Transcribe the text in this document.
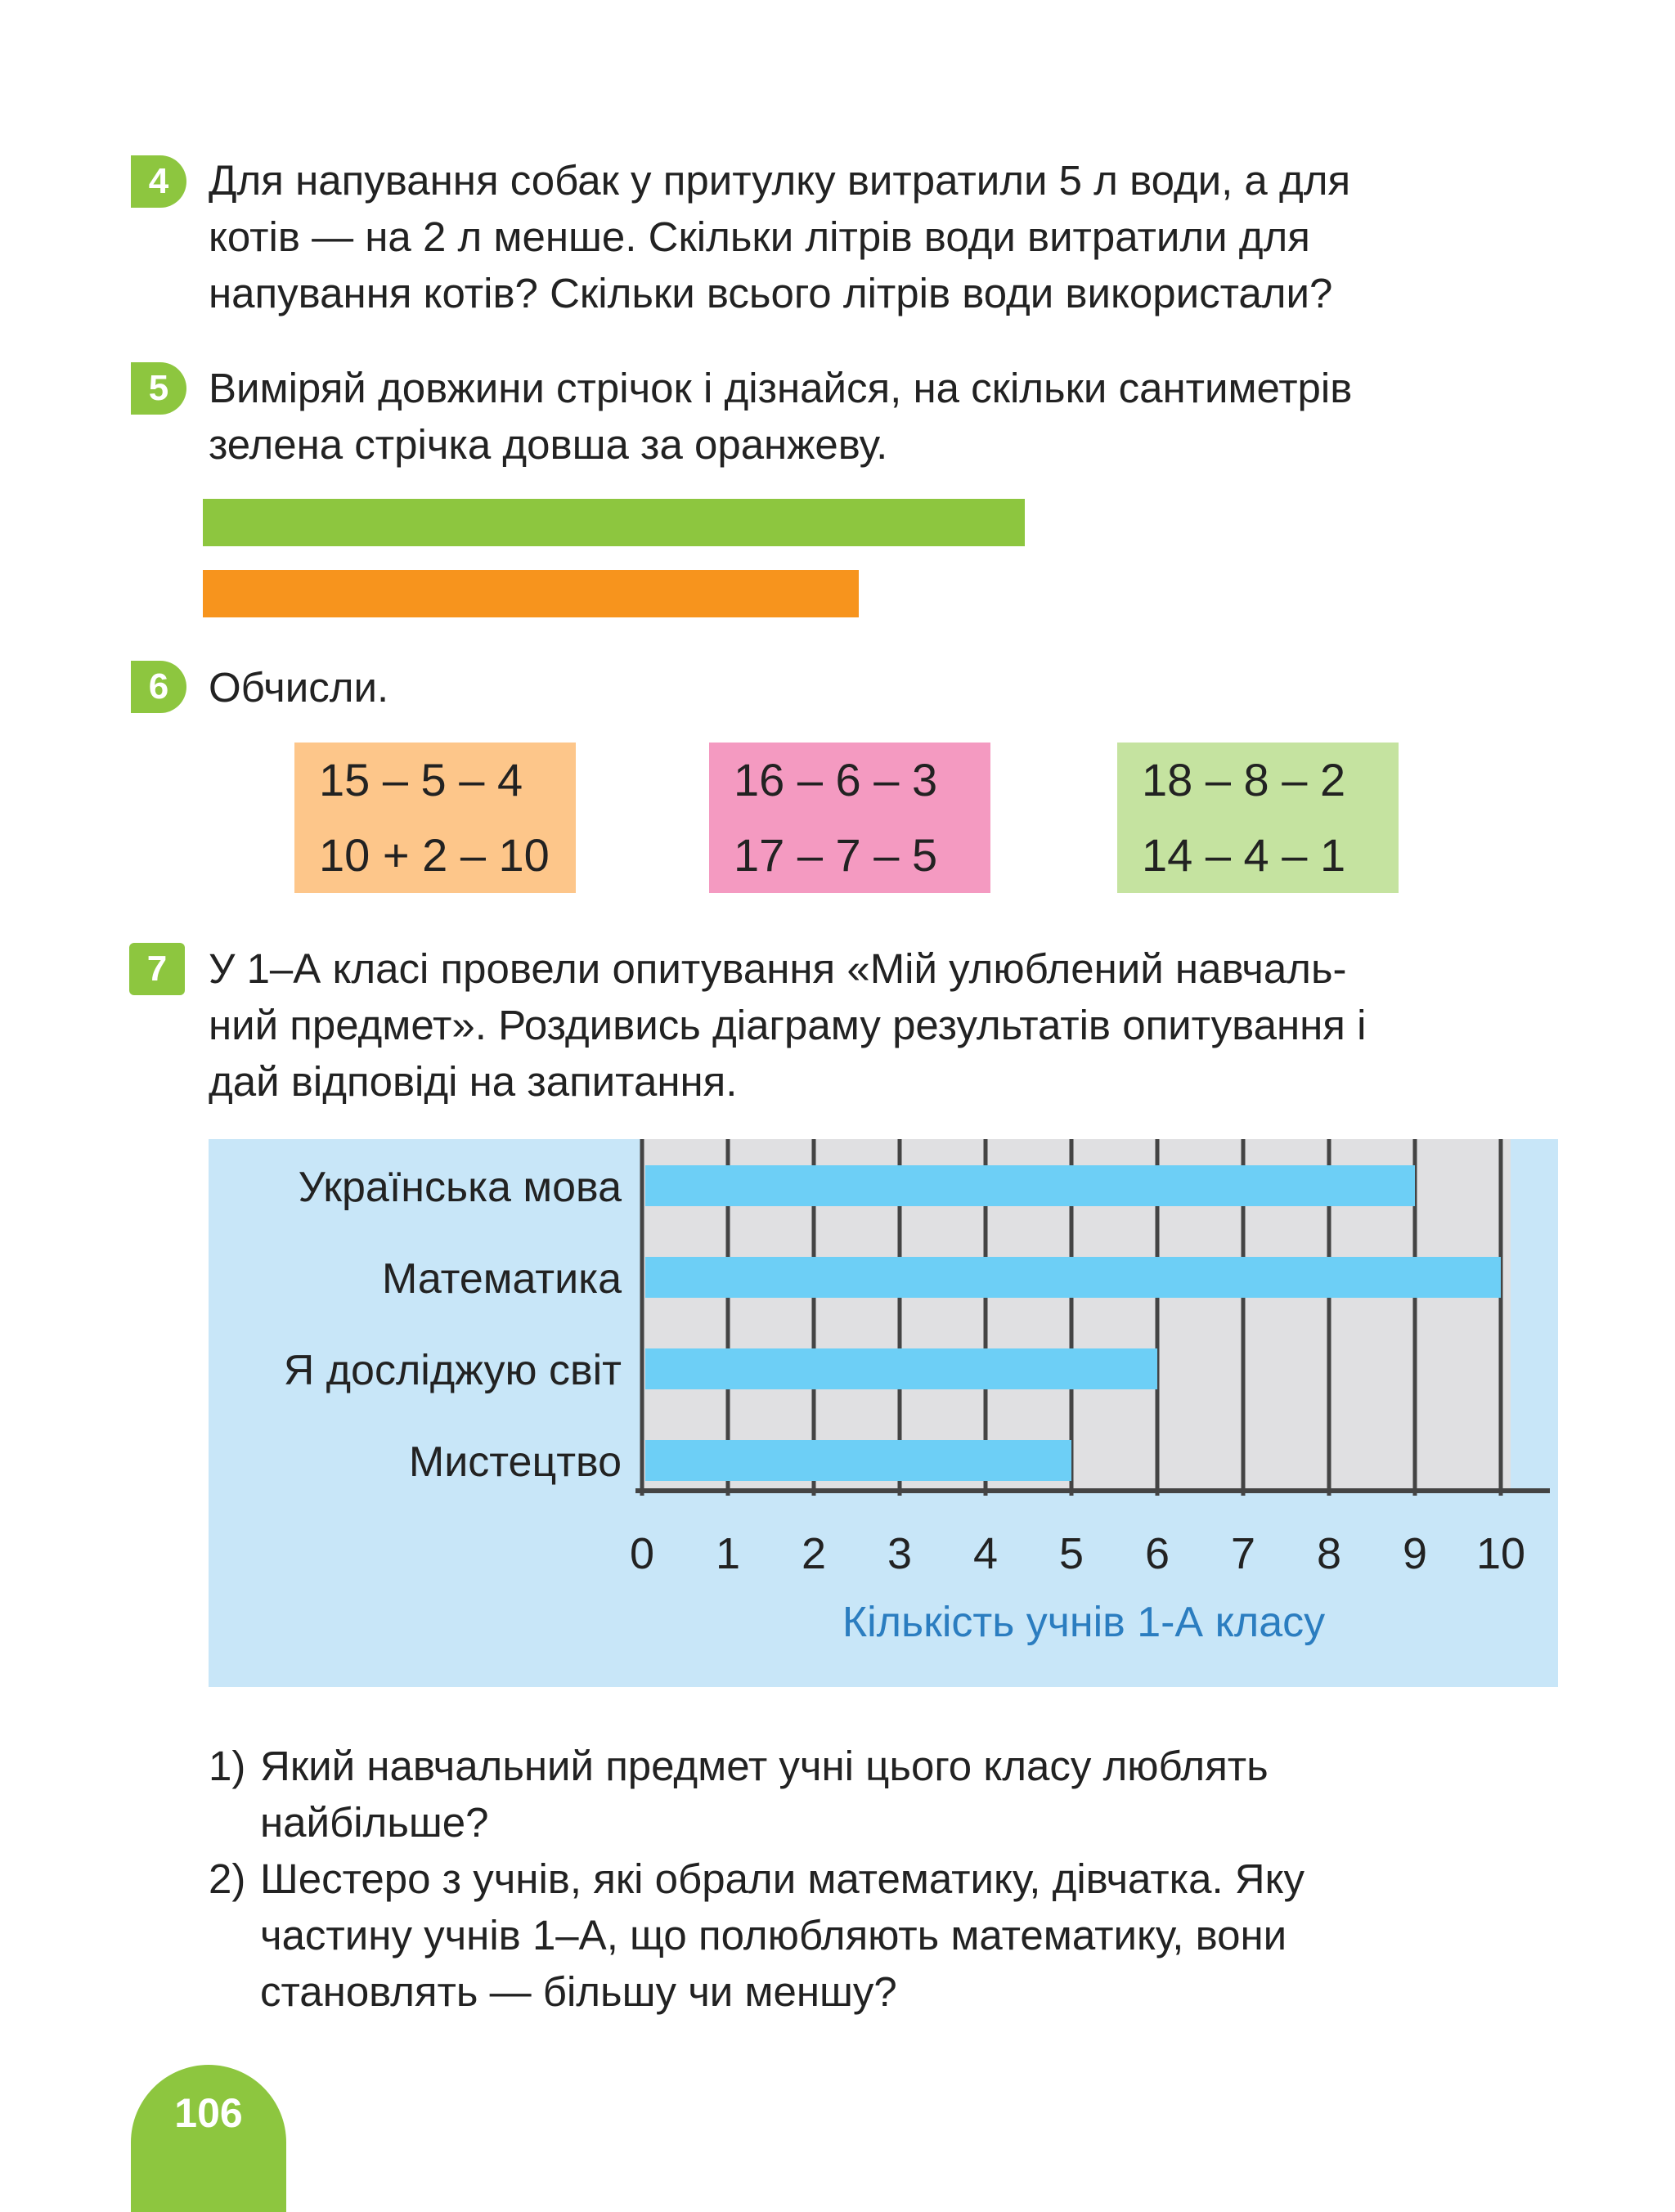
4 Для напування собак у притулку витратили 5 л води, а для

котів — на 2 л менше. Скільки літрів води витратили для

напування котів? Скільки всього літрів води використали?

5 Виміряй довжини стрічок і дізнайся, на скільки сантиметрів

зелена стрічка довша за оранжеву.

6 Обчисли.

15 – 5 – 4
10 + 2 – 10
16 – 6 – 3
17 – 7 – 5
18 – 8 – 2
14 – 4 – 1
7 У 1–А класі провели опитування «Мій улюблений навчаль-

ний предмет». Роздивись діаграму результатів опитування і

дай відповіді на запитання.

Українська мова
Математика
Я досліджую світ
Мистецтво
0 1 2 3 4 5 6 7 8 9 10
Кількість учнів 1-А класу
1) Який навчальний предмет учні цього класу люблять
найбільше?
2) Шестеро з учнів, які обрали математику, дівчатка. Яку
частину учнів 1–А, що полюбляють математику, вони
становлять — більшу чи меншу?
106
